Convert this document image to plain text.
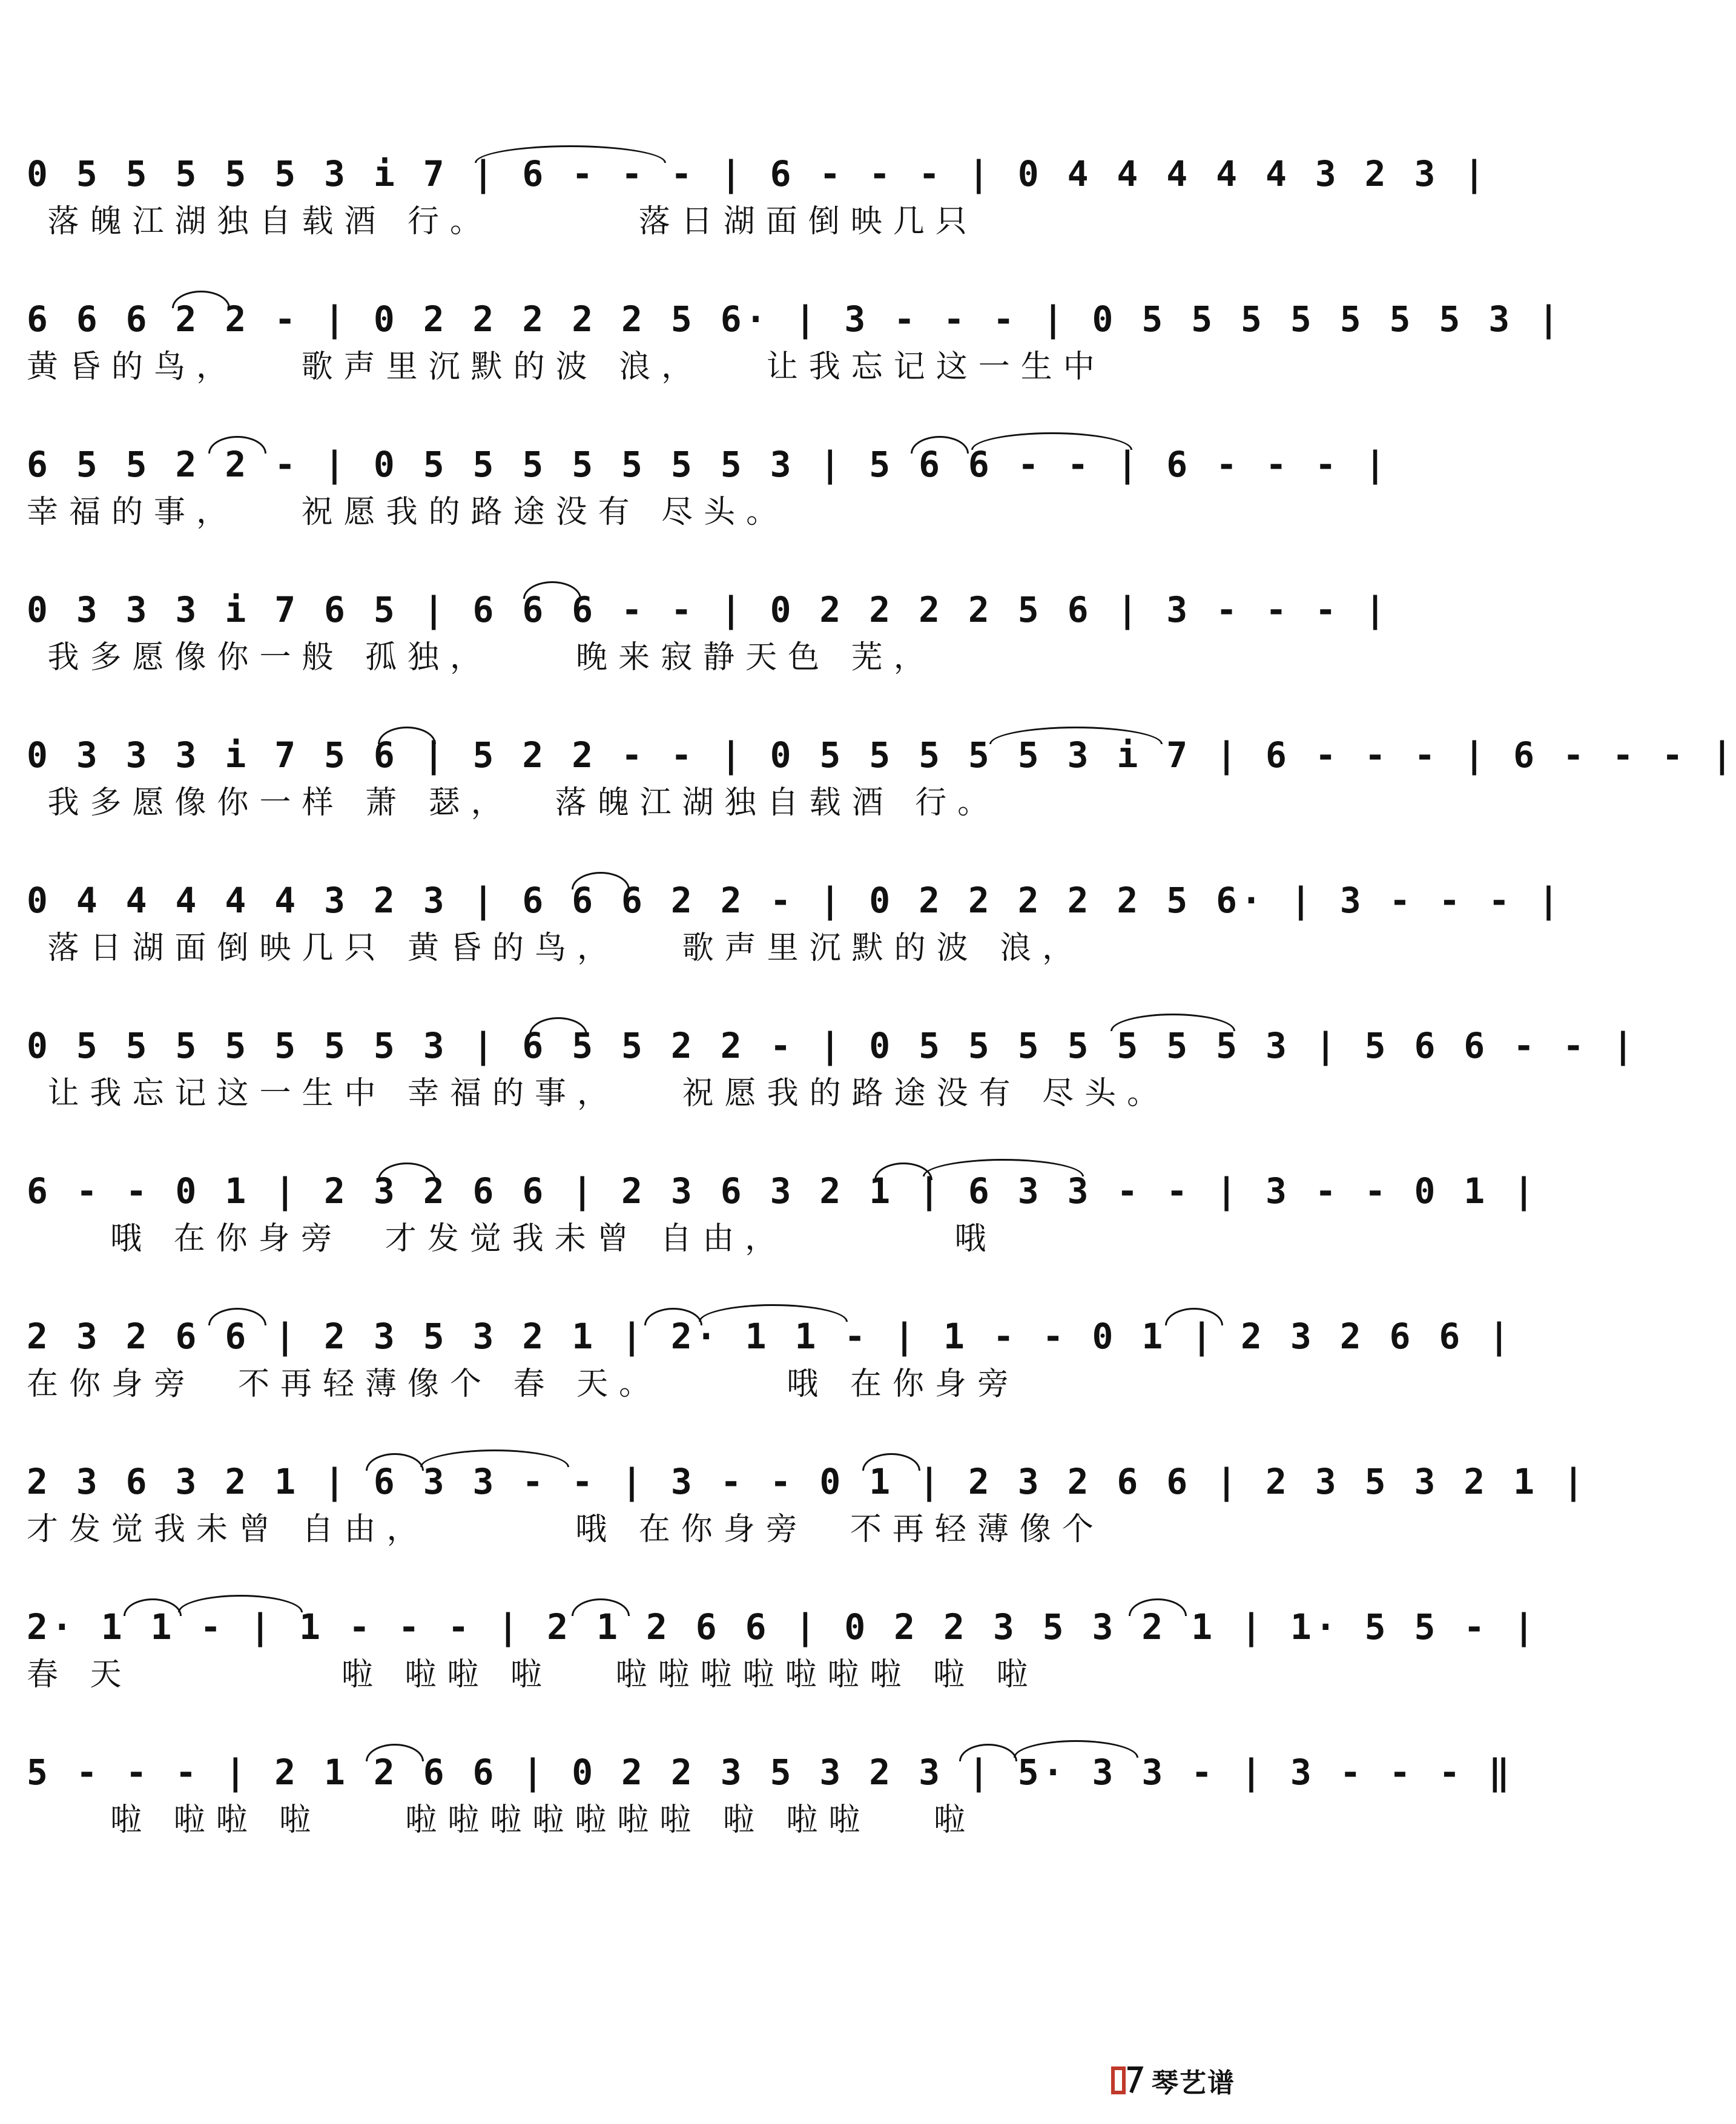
0 5 5 5 5 5 3 i 7 | 6 - - - | 6 - - - | 0 4 4 4 4 4 3 2 3 |
落魄江湖独自载酒 行。       落日湖面倒映几只
6 6 6 2 2 - | 0 2 2 2 2 2 5 6· | 3 - - - | 0 5 5 5 5 5 5 5 3 |
黄昏的鸟，   歌声里沉默的波 浪，   让我忘记这一生中
6 5 5 2 2 - | 0 5 5 5 5 5 5 5 3 | 5 6 6 - - | 6 - - - |
幸福的事，   祝愿我的路途没有 尽头。
0 3 3 3 i 7 6 5 | 6 6 6 - - | 0 2 2 2 2 5 6 | 3 - - - |
我多愿像你一般 孤独，    晚来寂静天色 芜，
0 3 3 3 i 7 5 6 | 5 2 2 - - | 0 5 5 5 5 5 3 i 7 | 6 - - - | 6 - - - |
我多愿像你一样 萧 瑟，  落魄江湖独自载酒 行。
0 4 4 4 4 4 3 2 3 | 6 6 6 2 2 - | 0 2 2 2 2 2 5 6· | 3 - - - |
落日湖面倒映几只 黄昏的鸟，   歌声里沉默的波 浪，
0 5 5 5 5 5 5 5 3 | 6 5 5 2 2 - | 0 5 5 5 5 5 5 5 3 | 5 6 6 - - |
让我忘记这一生中 幸福的事，   祝愿我的路途没有 尽头。
6 - - 0 1 | 2 3 2 6 6 | 2 3 6 3 2 1 | 6 3 3 - - | 3 - - 0 1 |
哦 在你身旁  才发觉我未曾 自由，        哦
2 3 2 6 6 | 2 3 5 3 2 1 | 2· 1 1 - | 1 - - 0 1 | 2 3 2 6 6 |
在你身旁  不再轻薄像个 春 天。      哦 在你身旁
2 3 6 3 2 1 | 6 3 3 - - | 3 - - 0 1 | 2 3 2 6 6 | 2 3 5 3 2 1 |
才发觉我未曾 自由，       哦 在你身旁  不再轻薄像个
2· 1 1 - | 1 - - - | 2 1 2 6 6 | 0 2 2 3 5 3 2 1 | 1· 5 5 - |
春 天          啦 啦啦 啦   啦啦啦啦啦啦啦 啦 啦
5 - - - | 2 1 2 6 6 | 0 2 2 3 5 3 2 3 | 5· 3 3 - | 3 - - - ‖
啦 啦啦 啦    啦啦啦啦啦啦啦 啦 啦啦   啦
琴艺谱
